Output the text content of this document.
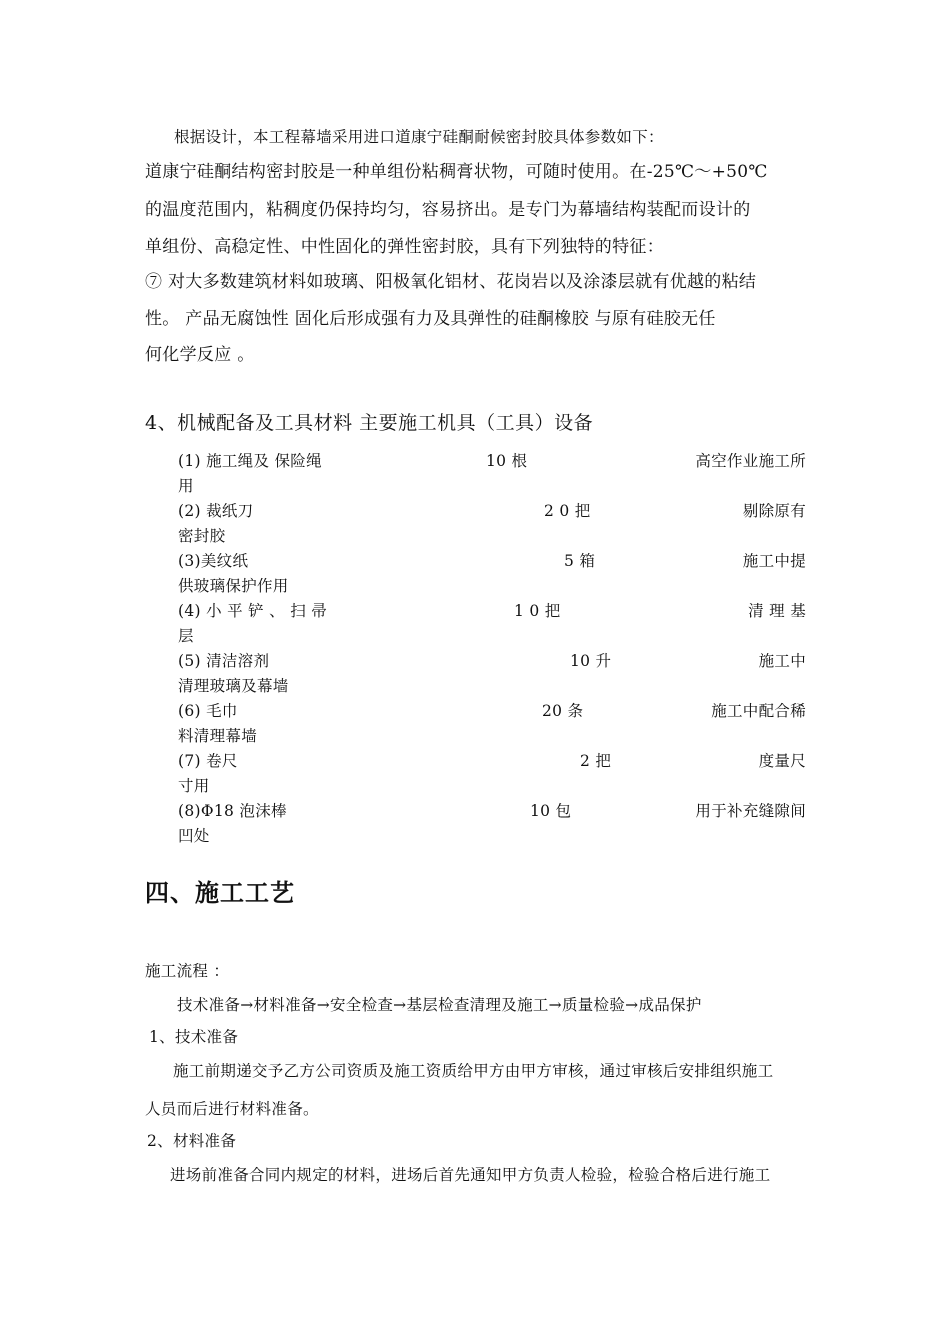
根据设计，本工程幕墙采用进口道康宁硅酮耐候密封胶具体参数如下：
道康宁硅酮结构密封胶是一种单组份粘稠膏状物，可随时使用。在-25℃～+50℃
的温度范围内，粘稠度仍保持均匀，容易挤出。是专门为幕墙结构装配而设计的
单组份、高稳定性、中性固化的弹性密封胶，具有下列独特的特征：
⑦ 对大多数建筑材料如玻璃、阳极氧化铝材、花岗岩以及涂漆层就有优越的粘结
性。 产品无腐蚀性 固化后形成强有力及具弹性的硅酮橡胶 与原有硅胶无任
何化学反应 。
4、机械配备及工具材料 主要施工机具（工具）设备
(1) 施工绳及 保险绳	10 根	高空作业施工所
用
(2) 裁纸刀	2 0 把	剔除原有
密封胶
(3)美纹纸	5 箱	施工中提
供玻璃保护作用
(4) 小 平 铲 、 扫 帚	1 0 把	清 理 基
层
(5) 清洁溶剂	10 升	施工中
清理玻璃及幕墙
(6) 毛巾	20 条	施工中配合稀
料清理幕墙
(7) 卷尺	2 把	度量尺
寸用
(8)Φ18 泡沫棒	10 包	用于补充缝隙间
凹处
四、施工工艺
施工流程 ：
技术准备→材料准备→安全检查→基层检查清理及施工→质量检验→成品保护
1、技术准备
施工前期递交予乙方公司资质及施工资质给甲方由甲方审核，通过审核后安排组织施工
人员而后进行材料准备。
2、材料准备
进场前准备合同内规定的材料，进场后首先通知甲方负责人检验，检验合格后进行施工
